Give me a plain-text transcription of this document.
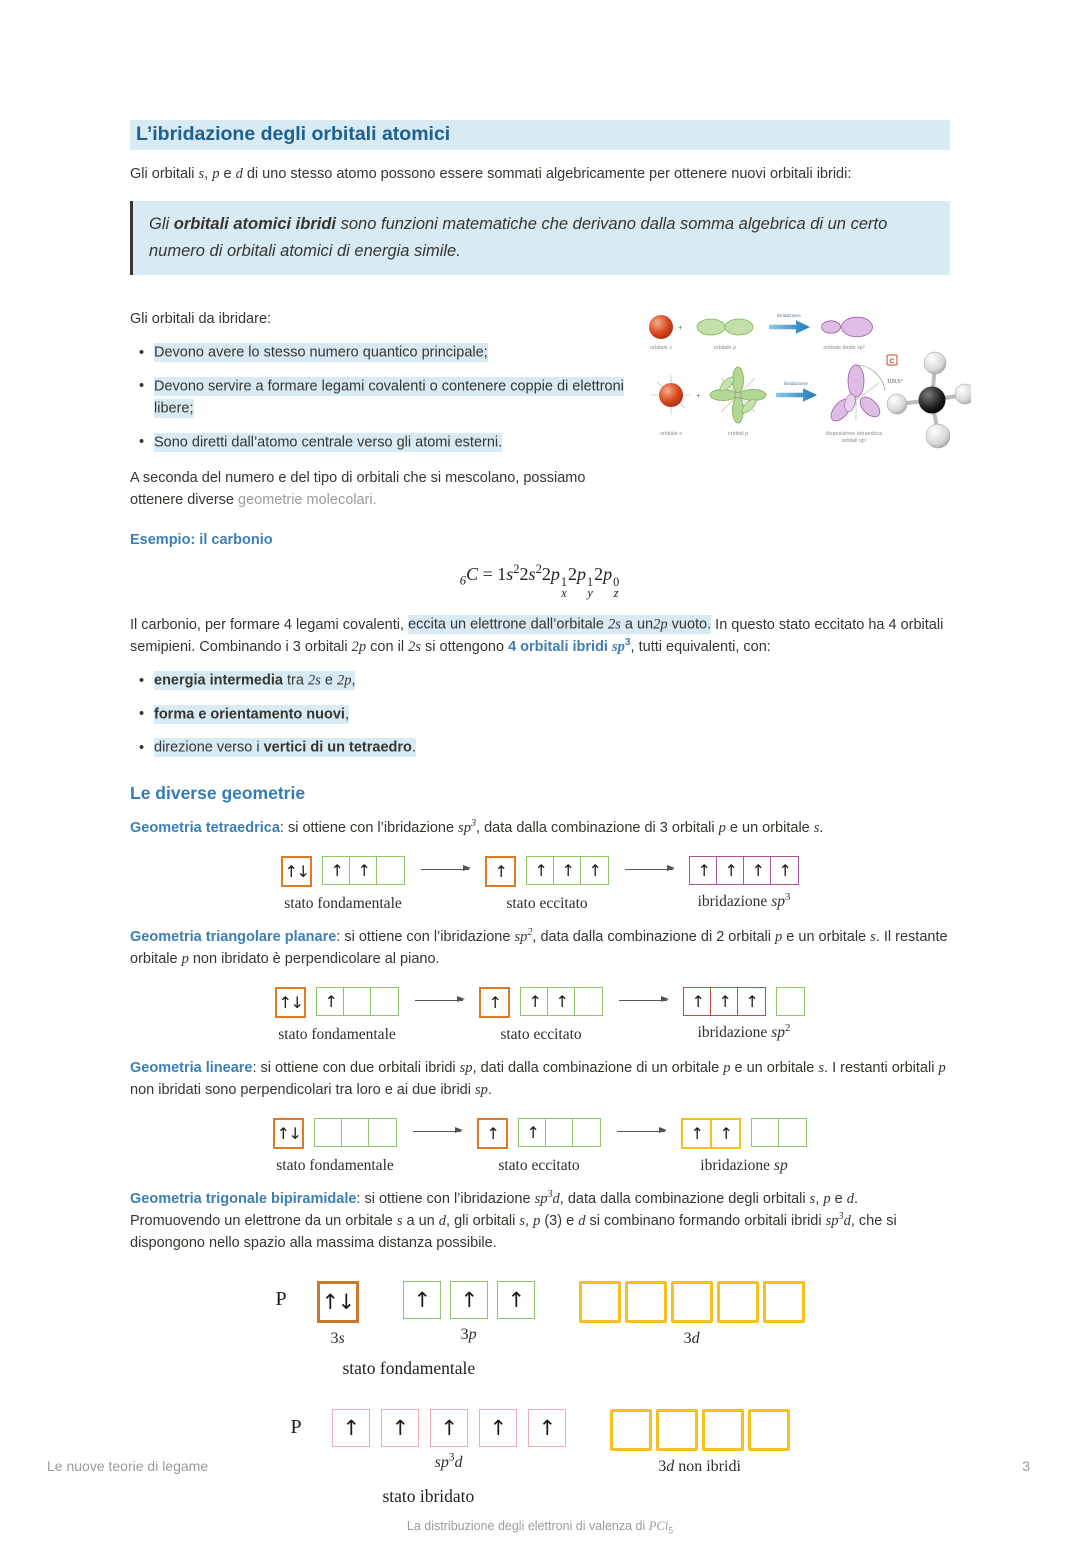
L’ibridazione degli orbitali atomici

Gli orbitali s, p e d di uno stesso atomo possono essere sommati algebricamente per ottenere nuovi orbitali ibridi:

Gli orbitali atomici ibridi sono funzioni matematiche che derivano dalla somma algebrica di un certo numero di orbitali atomici di energia simile.

Gli orbitali da ibridare:

• Devono avere lo stesso numero quantico principale;
• Devono servire a formare legami covalenti o contenere coppie di elettroni libere;
• Sono diretti dall’atomo centrale verso gli atomi esterni.

A seconda del numero e del tipo di orbitali che si mescolano, possiamo ottenere diverse geometrie molecolari.

+
ibridazione
orbitale s	orbitale p	orbitale ibrido sp³
+
ibridazione	109,5°
orbitale s	orbitali p	disposizione tetraedrica
orbitali sp³
C
Esempio: il carbonio
$_6C = 1s^22s^22p$ 1
x
2p 1
y
2p 0
z

Il carbonio, per formare 4 legami covalenti, eccita un elettrone dall’orbitale 2s a un2p vuoto. In questo stato eccitato ha 4 orbitali semipieni. Combinando i 3 orbitali 2p con il 2s si ottengono 4 orbitali ibridi $sp^3$, tutti equivalenti, con:

• energia intermedia tra 2s e 2p,
• forma e orientamento nuovi,
• direzione verso i vertici di un tetraedro.
Le diverse geometrie

Geometria tetraedrica: si ottiene con l’ibridazione $sp^3$, data dalla combinazione di 3 orbitali p e un orbitale s.

↑↓	↑ ↑
stato fondamentale
↑	↑ ↑ ↑
stato eccitato
↑ ↑ ↑ ↑
ibridazione $sp^3$

Geometria triangolare planare: si ottiene con l’ibridazione $sp^2$, data dalla combinazione di 2 orbitali p e un orbitale s. Il restante orbitale p non ibridato è perpendicolare al piano.

↑↓	↑
stato fondamentale
↑	↑ ↑
stato eccitato
↑ ↑ ↑
ibridazione $sp^2$

Geometria lineare: si ottiene con due orbitali ibridi sp, dati dalla combinazione di un orbitale p e un orbitale s. I restanti orbitali p non ibridati sono perpendicolari tra loro e ai due ibridi sp.

↑↓
stato fondamentale
↑	↑
stato eccitato
↑	↑
ibridazione sp

Geometria trigonale bipiramidale: si ottiene con l’ibridazione $sp^3d$, data dalla combinazione degli orbitali s, p e d. Promuovendo un elettrone da un orbitale s a un d, gli orbitali s, p (3) e d si combinano formando orbitali ibridi $sp^3d$, che si dispongono nello spazio alla massima distanza possibile.

P ↑↓
3s
↑	↑	↑
3p	3d
stato fondamentale
P	↑	↑	↑	↑	↑
$sp^3d$	3d non ibridi
stato ibridato
La distribuzione degli elettroni di valenza di PCl$_5$
Le nuove teorie di legame	3
